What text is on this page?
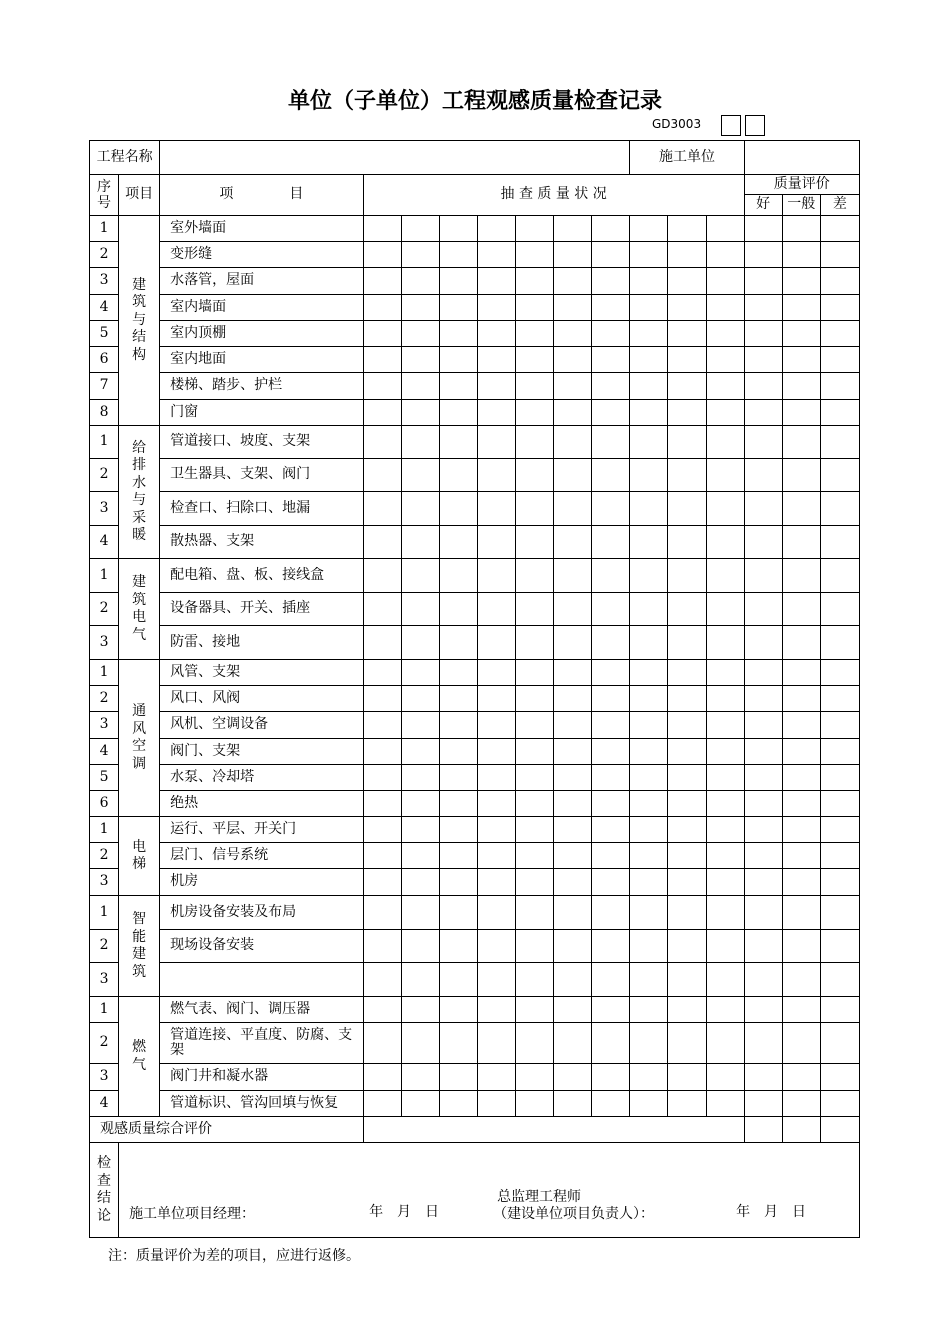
单位（子单位）工程观感质量检查记录
GD3003
工程名称										施工单位					
序号	项目	项　　　　目	抽 查 质 量 状 况										质量评价		
													好	一般	差
1	建筑与结构	室外墙面													
2		变形缝													
3		水落管，屋面													
4		室内墙面													
5		室内顶棚													
6		室内地面													
7		楼梯、踏步、护栏													
8		门窗													
1	给排水与采暖	管道接口、坡度、支架													
2		卫生器具、支架、阀门													
3		检查口、扫除口、地漏													
4		散热器、支架													
1	建筑电气	配电箱、盘、板、接线盒													
2		设备器具、开关、插座													
3		防雷、接地													
1	通风空调	风管、支架													
2		风口、风阀													
3		风机、空调设备													
4		阀门、支架													
5		水泵、冷却塔													
6		绝热													
1	电梯	运行、平层、开关门													
2		层门、信号系统													
3		机房													
1	智能建筑	机房设备安装及布局													
2		现场设备安装													
3															
1	燃气	燃气表、阀门、调压器													
2		管道连接、平直度、防腐、支架													
3		阀门井和凝水器													
4		管道标识、管沟回填与恢复													
观感质量综合评价															
检查结论	施工单位项目经理： 年　月　日
总监理工程师
（建设单位项目负责人）： 年　月　日														
注：质量评价为差的项目，应进行返修。
